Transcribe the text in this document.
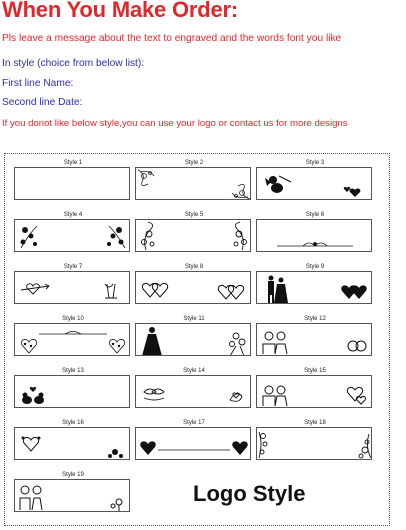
When You Make Order:
Pls leave a message about the text to engraved and the words font you like
In style (choice from below list):
First line Name:
Second line Date:
If you donot like below style,you can use your logo or contact us for more designs
Style 1	Style 2	Style 3
Style 4	Style 5	Style 6
Style 7	Style 8	Style 9
Style 10	Style 11	Style 12
Style 13	Style 14	Style 15
Style 16	Style 17	Style 18
Style 19
Logo Style
